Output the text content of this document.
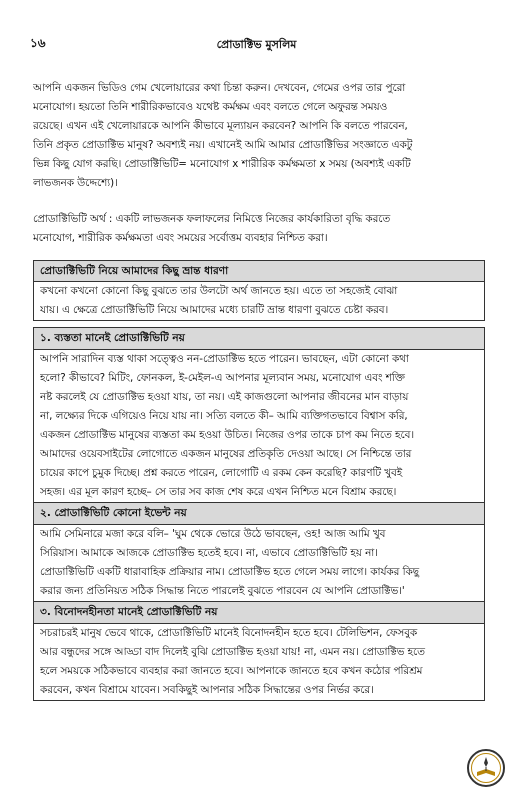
১৬	প্রোডাক্টিভ মুসলিম
আপনি একজন ভিডিও গেম খেলোয়ারের কথা চিন্তা করুন। দেখবেন, গেমের ওপর তার পুরো
মনোযোগ। হয়তো তিনি শারীরিকভাবেও যথেষ্ট কর্মক্ষম এবং বলতে গেলে অফুরন্ত সময়ও
রয়েছে। এখন এই খেলোয়ারকে আপনি কীভাবে মূল্যায়ন করবেন? আপনি কি বলতে পারবেন,
তিনি প্রকৃত প্রোডাক্টিভ মানুষ? অবশ্যই নয়। এখানেই আমি আমার প্রোডাক্টিভির সংজ্ঞাতে একটু
ভিন্ন কিছু যোগ করছি। প্রোডাক্টিভিটি= মনোযোগ x শারীরিক কর্মক্ষমতা x সময় (অবশ্যই একটি
লাভজনক উদ্দেশ্যে)।
প্রোডাক্টিভিটি অর্থ : একটি লাভজনক ফলাফলের নিমিত্তে নিজের কার্যকারিতা বৃদ্ধি করতে
মনোযোগ, শারীরিক কর্মক্ষমতা এবং সময়ের সর্বোত্তম ব্যবহার নিশ্চিত করা।
প্রোডাক্টিভিটি নিয়ে আমাদের কিছু ভ্রান্ত ধারণা
কখনো কখনো কোনো কিছু বুঝতে তার উলটো অর্থ জানতে হয়। এতে তা সহজেই বোঝা
যায়। এ ক্ষেত্রে প্রোডাক্টিভিটি নিয়ে আমাদের মধ্যে চারটি ভ্রান্ত ধারণা বুঝতে চেষ্টা করব।
১. ব্যস্ততা মানেই প্রোডাক্টিভিটি নয়
আপনি সারাদিন ব্যস্ত থাকা সত্ত্বেও নন-প্রোডাক্টিভ হতে পারেন। ভাবছেন, এটা কোনো কথা
হলো? কীভাবে? মিটিং, ফোনকল, ই-মেইল-এ আপনার মূল্যবান সময়, মনোযোগ এবং শক্তি
নষ্ট করলেই যে প্রোডাক্টিভ হওয়া যায়, তা নয়। এই কাজগুলো আপনার জীবনের মান বাড়ায়
না, লক্ষ্যের দিকে এগিয়েও নিয়ে যায় না। সত্যি বলতে কী– আমি ব্যক্তিগতভাবে বিশ্বাস করি,
একজন প্রোডাক্টিভ মানুষের ব্যস্ততা কম হওয়া উচিত। নিজের ওপর তাকে চাপ কম নিতে হবে।
আমাদের ওয়েবসাইটের লোগোতে একজন মানুষের প্রতিকৃতি দেওয়া আছে। সে নিশ্চিন্তে তার
চায়ের কাপে চুমুক দিচ্ছে। প্রশ্ন করতে পারেন, লোগোটি এ রকম কেন করেছি? কারণটি খুবই
সহজ। এর মূল কারণ হচ্ছে– সে তার সব কাজ শেষ করে এখন নিশ্চিত মনে বিশ্রাম করছে।
২. প্রোডাক্টিভিটি কোনো ইভেন্ট নয়
আমি সেমিনারে মজা করে বলি– 'ঘুম থেকে ভোরে উঠে ভাবছেন, ওহ! আজ আমি খুব
সিরিয়াস। আমাকে আজকে প্রোডাক্টিভ হতেই হবে। না, এভাবে প্রোডাক্টিভিটি হয় না।
প্রোডাক্টিভিটি একটি ধারাবাহিক প্রক্রিয়ার নাম। প্রোডাক্টিভ হতে গেলে সময় লাগে। কার্যকর কিছু
করার জন্য প্রতিনিয়ত সঠিক সিদ্ধান্ত নিতে পারলেই বুঝতে পারবেন যে আপনি প্রোডাক্টিভ।'
৩. বিনোদনহীনতা মানেই প্রোডাক্টিভিটি নয়
সচরাচরই মানুষ ভেবে থাকে, প্রোডাক্টিভিটি মানেই বিনোদনহীন হতে হবে। টেলিভিশন, ফেসবুক
আর বন্ধুদের সঙ্গে আড্ডা বাদ দিলেই বুঝি প্রোডাক্টিভ হওয়া যায়! না, এমন নয়। প্রোডাক্টিভ হতে
হলে সময়কে সঠিকভাবে ব্যবহার করা জানতে হবে। আপনাকে জানতে হবে কখন কঠোর পরিশ্রম
করবেন, কখন বিশ্রামে যাবেন। সবকিছুই আপনার সঠিক সিদ্ধান্তের ওপর নির্ভর করে।
